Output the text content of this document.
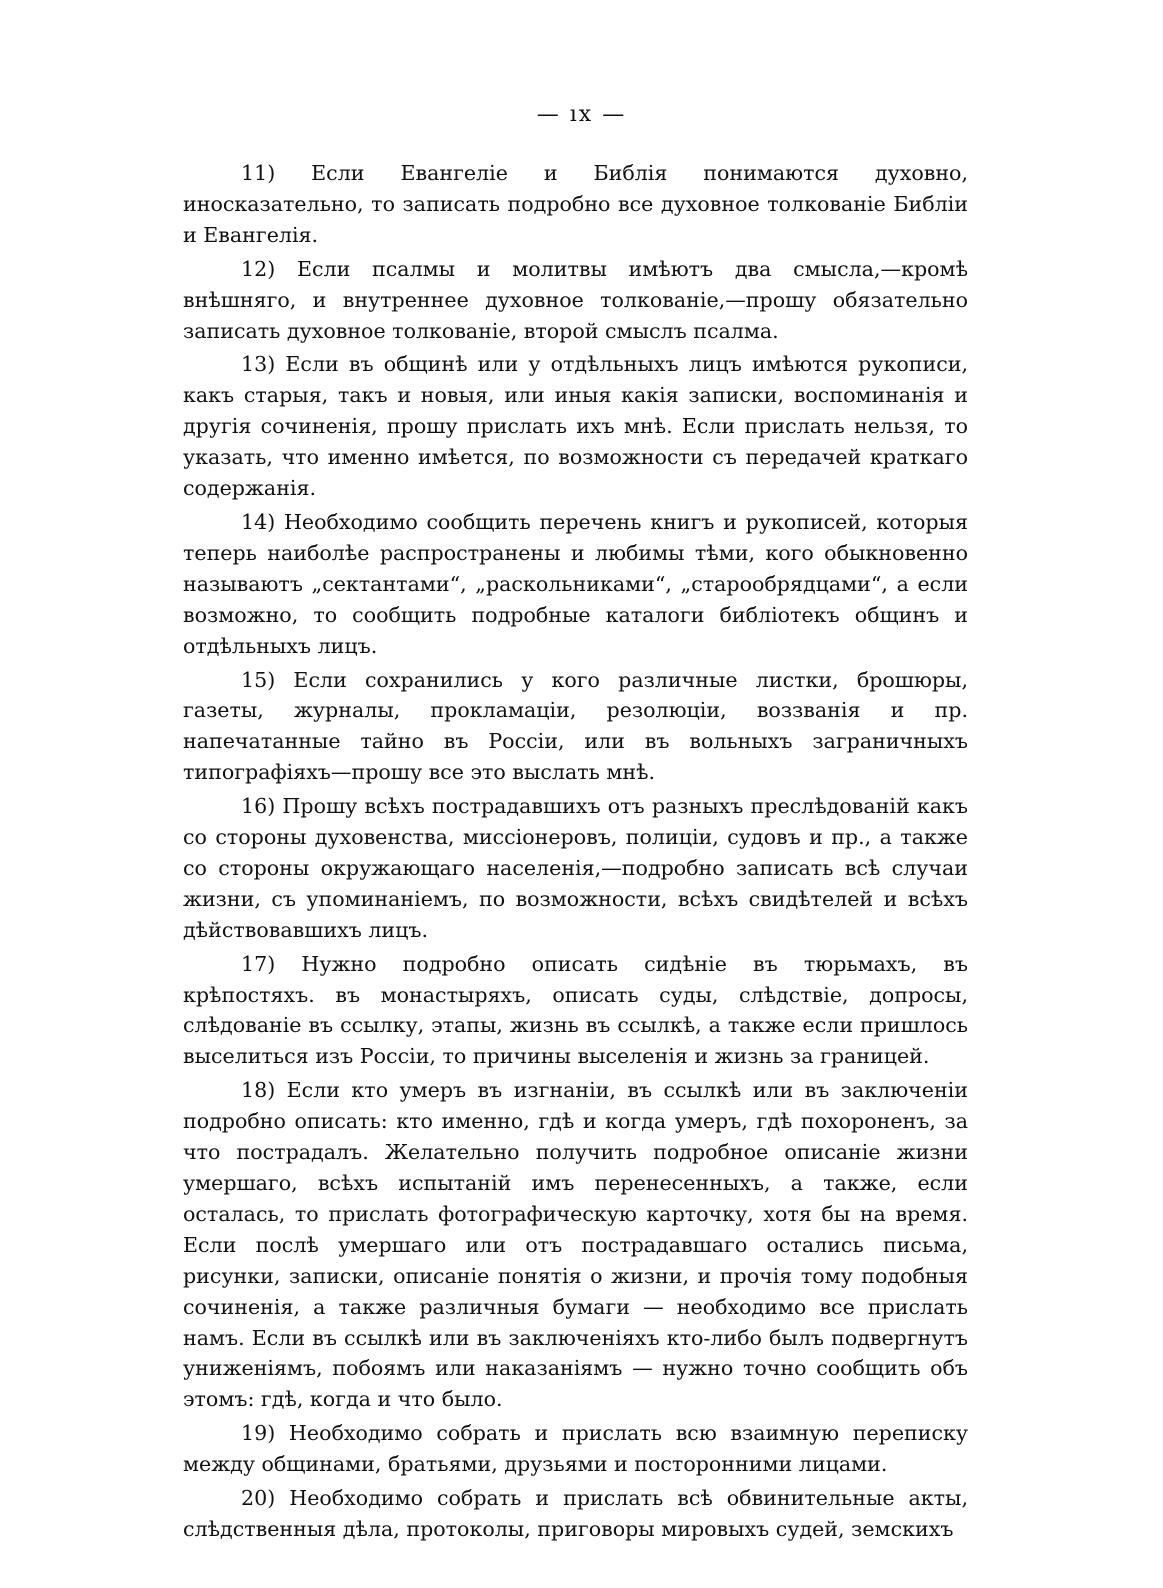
— ıx —

11) Если Евангеліе и Библія понимаются духовно, иносказательно, то записать подробно все духовное толкованіе Библіи и Евангелія.

12) Если псалмы и молитвы имѣютъ два смысла,—кромѣ внѣшняго, и внутреннее духовное толкованіе,—прошу обязательно записать духовное толкованіе, второй смыслъ псалма.

13) Если въ общинѣ или у отдѣльныхъ лицъ имѣются рукописи, какъ старыя, такъ и новыя, или иныя какія записки, воспоминанія и другія сочиненія, прошу прислать ихъ мнѣ. Если прислать нельзя, то указать, что именно имѣется, по возможности съ передачей краткаго содержанія.

14) Необходимо сообщить перечень книгъ и рукописей, которыя теперь наиболѣе распространены и любимы тѣми, кого обыкновенно называютъ „сектантами“, „раскольниками“, „старообрядцами“, а если возможно, то сообщить подробные каталоги библіотекъ общинъ и отдѣльныхъ лицъ.

15) Если сохранились у кого различные листки, брошюры, газеты, журналы, прокламаціи, резолюціи, воззванія и пр. напечатанные тайно въ Россіи, или въ вольныхъ заграничныхъ типографіяхъ—прошу все это выслать мнѣ.

16) Прошу всѣхъ пострадавшихъ отъ разныхъ преслѣдованій какъ со стороны духовенства, миссіонеровъ, полиціи, судовъ и пр., а также со стороны окружающаго населенія,—подробно записать всѣ случаи жизни, съ упоминаніемъ, по возможности, всѣхъ свидѣтелей и всѣхъ дѣйствовавшихъ лицъ.

17) Нужно подробно описать сидѣніе въ тюрьмахъ, въ крѣпостяхъ. въ монастыряхъ, описать суды, слѣдствіе, допросы, слѣдованіе въ ссылку, этапы, жизнь въ ссылкѣ, а также если пришлось выселиться изъ Россіи, то причины выселенія и жизнь за границей.

18) Если кто умеръ въ изгнаніи, въ ссылкѣ или въ заключеніи подробно описать: кто именно, гдѣ и когда умеръ, гдѣ похороненъ, за что пострадалъ. Желательно получить подробное описаніе жизни умершаго, всѣхъ испытаній имъ перенесенныхъ, а также, если осталась, то прислать фотографическую карточку, хотя бы на время. Если послѣ умершаго или отъ пострадавшаго остались письма, рисунки, записки, описаніе понятія о жизни, и прочія тому подобныя сочиненія, а также различныя бумаги — необходимо все прислать намъ. Если въ ссылкѣ или въ заключеніяхъ кто-либо былъ подвергнутъ униженіямъ, побоямъ или наказаніямъ — нужно точно сообщить объ этомъ: гдѣ, когда и что было.

19) Необходимо собрать и прислать всю взаимную переписку между общинами, братьями, друзьями и посторонними лицами.

20) Необходимо собрать и прислать всѣ обвинительные акты, слѣдственныя дѣла, протоколы, приговоры мировыхъ судей, земскихъ
